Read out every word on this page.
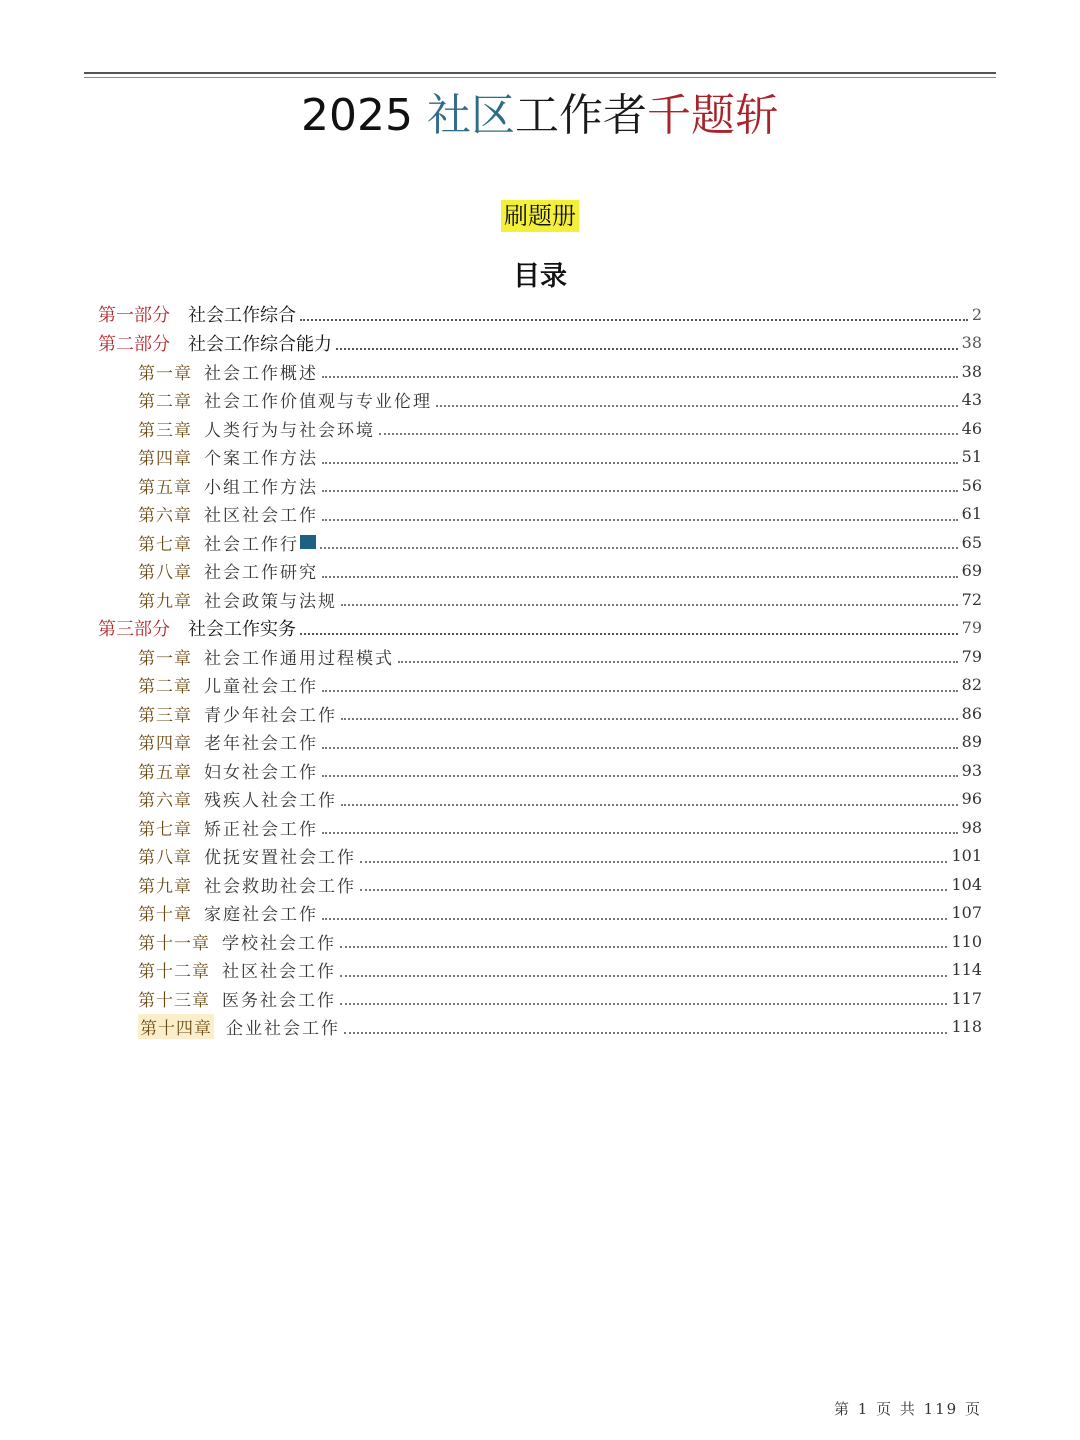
2025 社区工作者千题斩
刷题册
目录
第一部分 社会工作综合	2
第二部分 社会工作综合能力	38
第一章 社会工作概述	38
第二章 社会工作价值观与专业伦理	43
第三章 人类行为与社会环境	46
第四章 个案工作方法	51
第五章 小组工作方法	56
第六章 社区社会工作	61
第七章 社会工作行	65
第八章 社会工作研究	69
第九章 社会政策与法规	72
第三部分 社会工作实务	79
第一章 社会工作通用过程模式	79
第二章 儿童社会工作	82
第三章 青少年社会工作	86
第四章 老年社会工作	89
第五章 妇女社会工作	93
第六章 残疾人社会工作	96
第七章 矫正社会工作	98
第八章 优抚安置社会工作	101
第九章 社会救助社会工作	104
第十章 家庭社会工作	107
第十一章 学校社会工作	110
第十二章 社区社会工作	114
第十三章 医务社会工作	117
第十四章 企业社会工作	118
第 1 页 共 119 页
